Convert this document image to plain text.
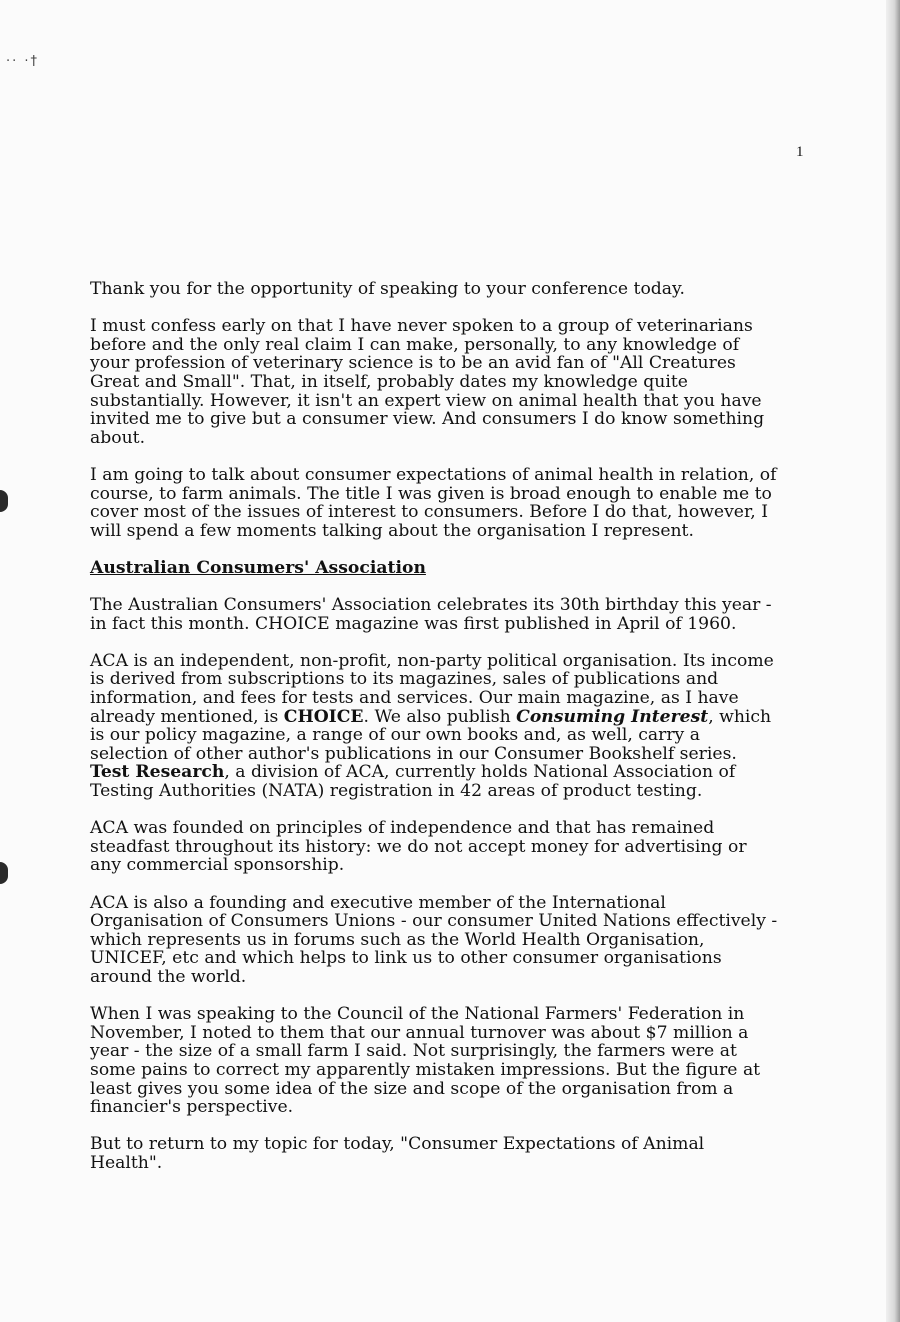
·· ·†
1

Thank you for the opportunity of speaking to your conference today.

I must confess early on that I have never spoken to a group of veterinarians before and the only real claim I can make, personally, to any knowledge of your profession of veterinary science is to be an avid fan of "All Creatures Great and Small". That, in itself, probably dates my knowledge quite substantially. However, it isn't an expert view on animal health that you have invited me to give but a consumer view. And consumers I do know something about.

I am going to talk about consumer expectations of animal health in relation, of course, to farm animals. The title I was given is broad enough to enable me to cover most of the issues of interest to consumers. Before I do that, however, I will spend a few moments talking about the organisation I represent.

Australian Consumers' Association

The Australian Consumers' Association celebrates its 30th birthday this year - in fact this month. CHOICE magazine was first published in April of 1960.

ACA is an independent, non-profit, non-party political organisation. Its income is derived from subscriptions to its magazines, sales of publications and information, and fees for tests and services. Our main magazine, as I have already mentioned, is CHOICE. We also publish Consuming Interest, which is our policy magazine, a range of our own books and, as well, carry a selection of other author's publications in our Consumer Bookshelf series. Test Research, a division of ACA, currently holds National Association of Testing Authorities (NATA) registration in 42 areas of product testing.

ACA was founded on principles of independence and that has remained steadfast throughout its history: we do not accept money for advertising or any commercial sponsorship.

ACA is also a founding and executive member of the International Organisation of Consumers Unions - our consumer United Nations effectively - which represents us in forums such as the World Health Organisation, UNICEF, etc and which helps to link us to other consumer organisations around the world.

When I was speaking to the Council of the National Farmers' Federation in November, I noted to them that our annual turnover was about $7 million a year - the size of a small farm I said. Not surprisingly, the farmers were at some pains to correct my apparently mistaken impressions. But the figure at least gives you some idea of the size and scope of the organisation from a financier's perspective.

But to return to my topic for today, "Consumer Expectations of Animal Health".
